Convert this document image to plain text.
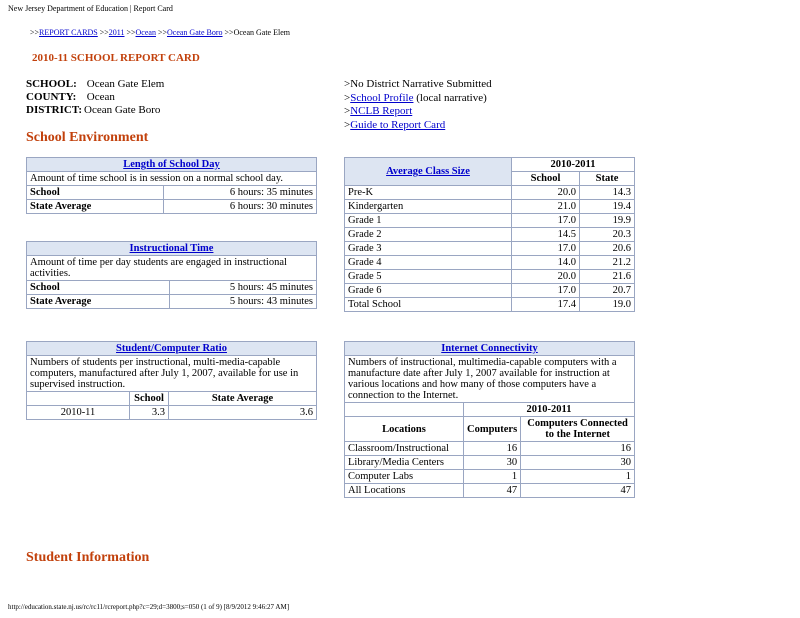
New Jersey Department of Education | Report Card
>>REPORT CARDS >>2011 >>Ocean >>Ocean Gate Boro >>Ocean Gate Elem
2010-11 SCHOOL REPORT CARD
SCHOOL: Ocean Gate Elem
COUNTY: Ocean
DISTRICT: Ocean Gate Boro
>No District Narrative Submitted
>School Profile (local narrative)
>NCLB Report
>Guide to Report Card
School Environment
Length of School Day	
Amount of time school is in session on a normal school day.	
School	6 hours: 35 minutes
State Average	6 hours: 30 minutes
Instructional Time	
Amount of time per day students are engaged in instructional activities.	
School	5 hours: 45 minutes
State Average	5 hours: 43 minutes
Student/Computer Ratio		
Numbers of students per instructional, multi-media-capable computers, manufactured after July 1, 2007, available for use in supervised instruction.		
	School	State Average
2010-11	3.3	3.6
Average Class Size	2010-2011	
	School	State
Pre-K	20.0	14.3
Kindergarten	21.0	19.4
Grade 1	17.0	19.9
Grade 2	14.5	20.3
Grade 3	17.0	20.6
Grade 4	14.0	21.2
Grade 5	20.0	21.6
Grade 6	17.0	20.7
Total School	17.4	19.0
Internet Connectivity		
Numbers of instructional, multimedia-capable computers with a manufacture date after July 1, 2007 available for instruction at various locations and how many of those computers have a connection to the Internet.		
	2010-2011	
Locations	Computers	Computers Connected to the Internet
Classroom/Instructional	16	16
Library/Media Centers	30	30
Computer Labs	1	1
All Locations	47	47
Student Information
http://education.state.nj.us/rc/rc11/rcreport.php?c=29;d=3800;s=050 (1 of 9) [8/9/2012 9:46:27 AM]
